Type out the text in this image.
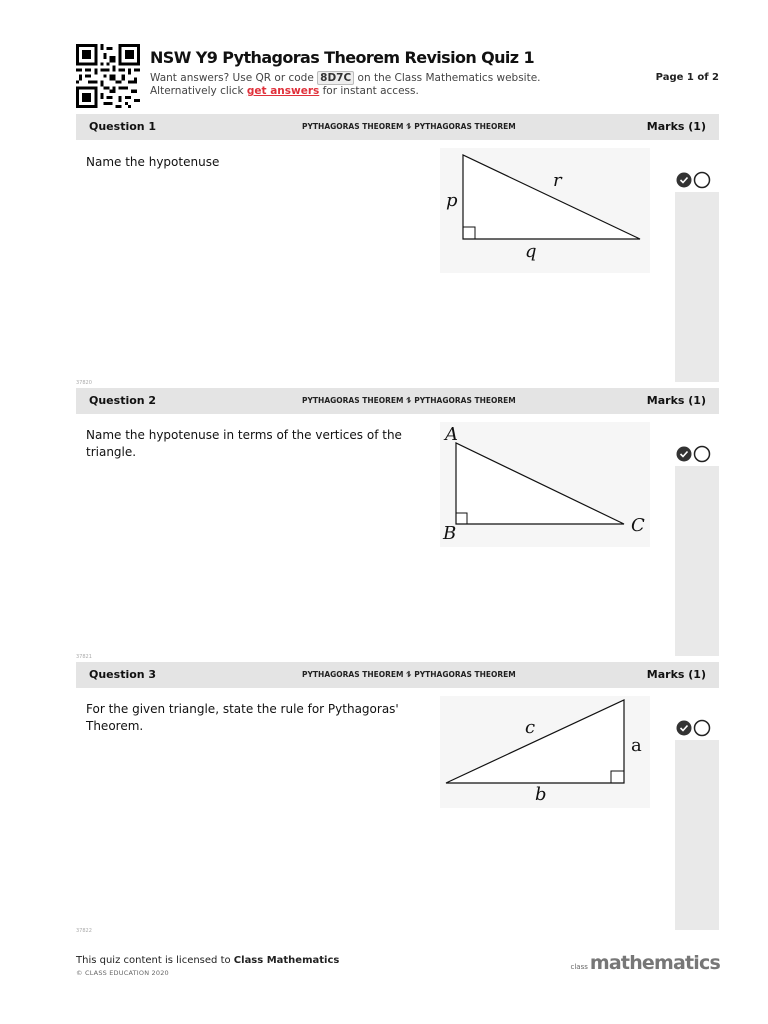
NSW Y9 Pythagoras Theorem Revision Quiz 1
Want answers? Use QR or code 8D7C on the Class Mathematics website.
Alternatively click get answers for instant access.
Page 1 of 2
Question 1	PYTHAGORAS THEOREM ⥮ PYTHAGORAS THEOREM	Marks (1)
Name the hypotenuse
p
q
r
37820
Question 2	PYTHAGORAS THEOREM ⥮ PYTHAGORAS THEOREM	Marks (1)
Name the hypotenuse in terms of the vertices of the triangle.
A
B	C
37821
Question 3	PYTHAGORAS THEOREM ⥮ PYTHAGORAS THEOREM	Marks (1)
For the given triangle, state the rule for Pythagoras' Theorem.	c
a
b
37822
This quiz content is licensed to Class Mathematics
© CLASS EDUCATION 2020
class mathematics
